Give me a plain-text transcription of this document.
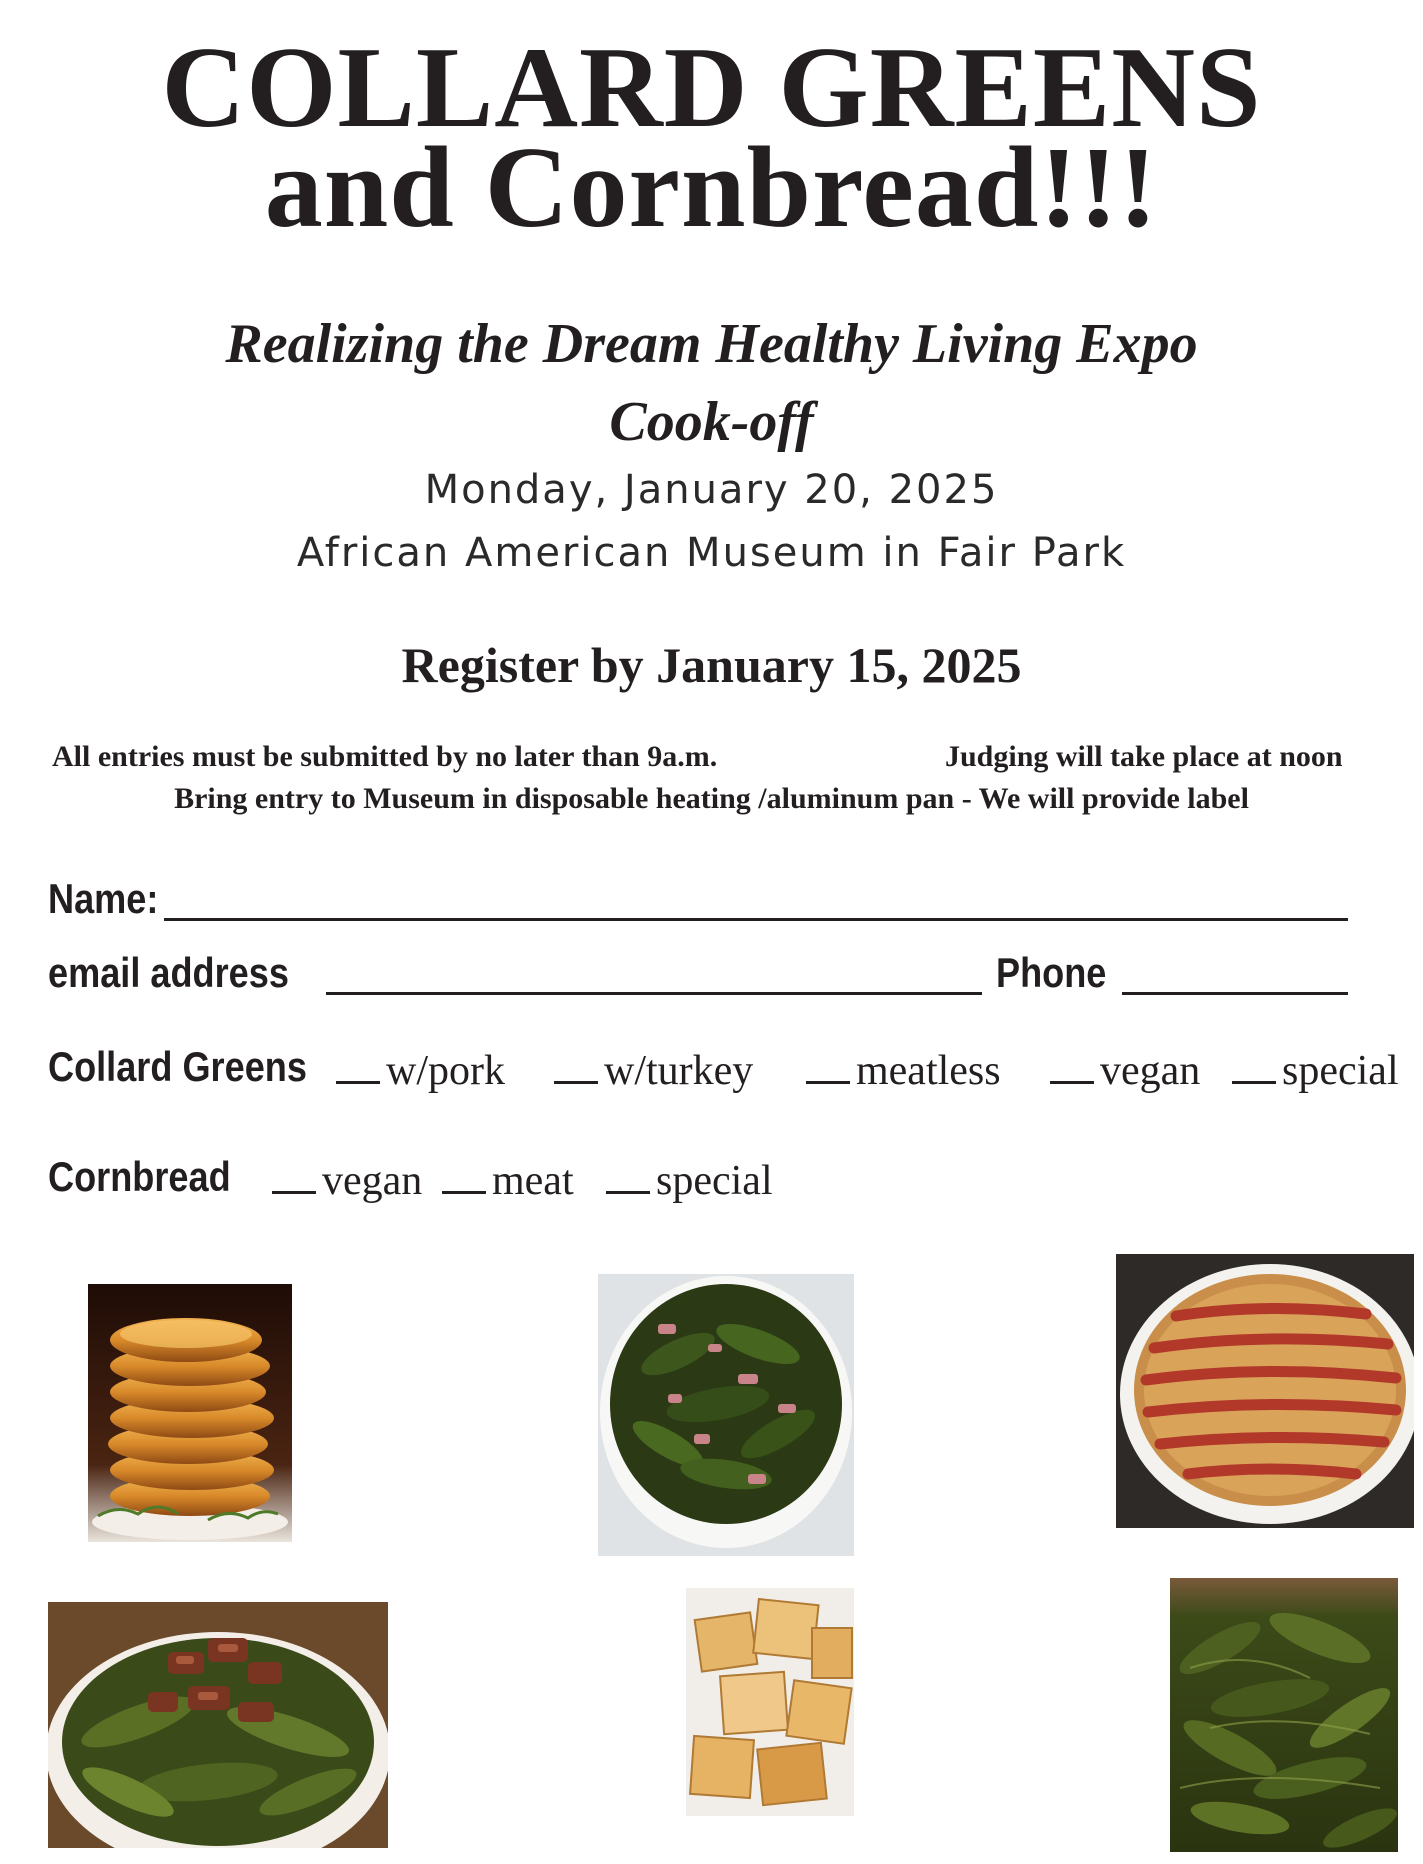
COLLARD GREENS
and Cornbread!!!
Realizing the Dream Healthy Living Expo
Cook-off
Monday, January 20, 2025
African American Museum in Fair Park
Register by January 15, 2025
All entries must be submitted by no later than 9a.m.	Judging will take place at noon
Bring entry to Museum in disposable heating /aluminum pan - We will provide label
Name:
email address	Phone
Collard Greens	w/pork	w/turkey	meatless	vegan	special
Cornbread	vegan	meat	special
